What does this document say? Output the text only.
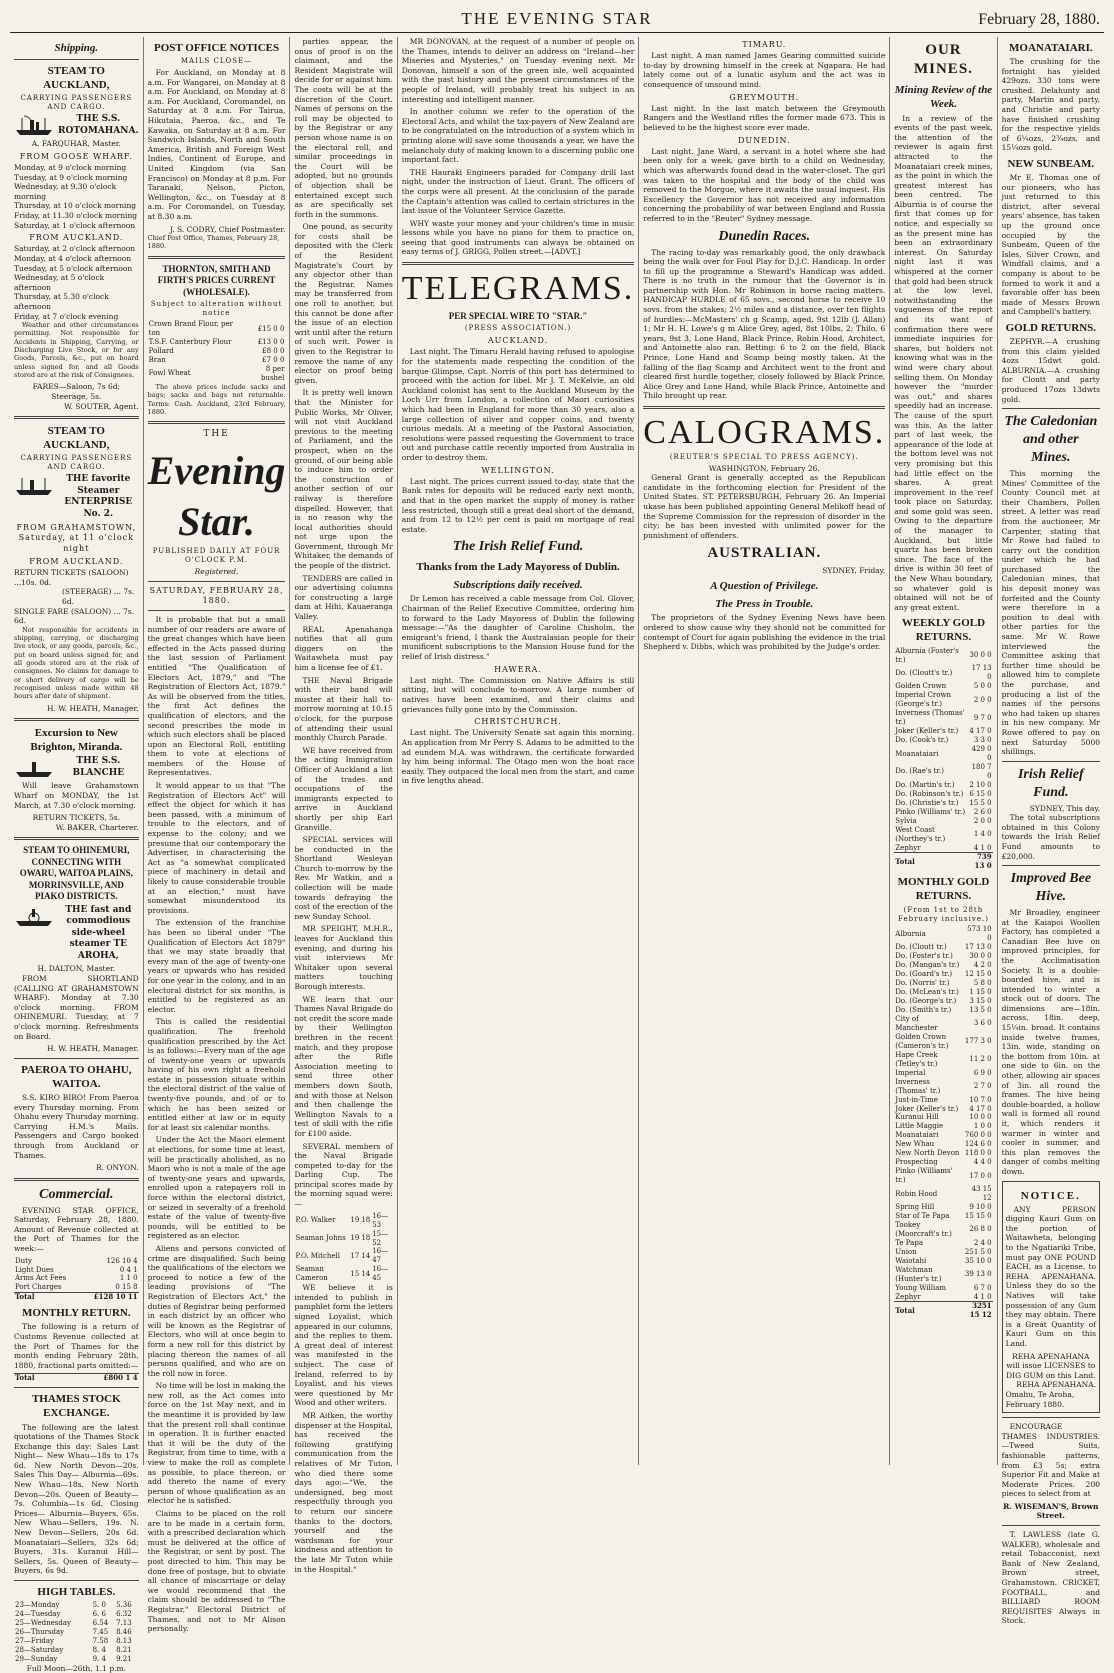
THE EVENING STAR	February 28, 1880.
Shipping.
STEAM TO AUCKLAND,
CARRYING PASSENGERS AND CARGO.
THE S.S. ROTOMAHANA.
A. FARQUHAR, Master.
FROM GOOSE WHARF.
Monday, at 9 o'clock morning
Tuesday, at 9 o'clock morning
Wednesday, at 9.30 o'clock morning
Thursday, at 10 o'clock morning
Friday, at 11.30 o'clock morning
Saturday, at 1 o'clock afternoon
FROM AUCKLAND.
Saturday, at 2 o'clock afternoon
Monday, at 4 o'clock afternoon
Tuesday, at 5 o'clock afternoon
Wednesday, at 5 o'clock afternoon
Thursday, at 5.30 o'clock afternoon
Friday, at 7 o'clock evening

Weather and other circumstances permitting. Not responsible for Accidents in Shipping, Carrying, or Discharging Live Stock, or for any Goods, Parcels, &c., put on board unless signed for, and all Goods stored are at the risk of Consignees.

FARES—Saloon, 7s 6d; Steerage, 5s.
W. SOUTER, Agent.
STEAM TO AUCKLAND,
CARRYING PASSENGERS AND CARGO.
THE favorite Steamer ENTERPRISE No. 2.
FROM GRAHAMSTOWN, Saturday, at 11 o'clock night
FROM AUCKLAND.
RETURN TICKETS (SALOON) ...10s. 0d.
(STEERAGE) ... 7s. 6d.
SINGLE FARE (SALOON) ... 7s. 6d.

Not responsible for accidents in shipping, carrying, or discharging live stock, or any goods, parcels, &c., put on board unless signed for, and all goods stored are at the risk of consignees. No claims for damage to or short delivery of cargo will be recognised unless made within 48 hours after date of shipment.

H. W. HEATH, Manager.
Excursion to New Brighton, Miranda.
THE S.S. BLANCHE

Will leave Grahamstown Wharf on MONDAY, the 1st March, at 7.30 o'clock morning.

RETURN TICKETS, 5s.
W. BAKER, Charterer.
STEAM TO OHINEMURI, CONNECTING WITH OWARU, WAITOA PLAINS, MORRINSVILLE, AND PIAKO DISTRICTS.
THE fast and commodious side-wheel steamer TE AROHA,
H. DALTON, Master.

FROM SHORTLAND (CALLING AT GRAHAMSTOWN WHARF). Monday at 7.30 o'clock morning. FROM OHINEMURI. Tuesday, at 7 o'clock morning. Refreshments on Board.

H. W. HEATH, Manager.
PAEROA TO OHAHU, WAITOA.

S.S. KIRO BIRO! From Paeroa every Thursday morning. From Ohahu every Thursday morning. Carrying H.M.'s Mails. Passengers and Cargo booked through from Auckland or Thames.

R. ONYON.
Commercial.

EVENING STAR OFFICE, Saturday, February 28, 1880. Amount of Revenue collected at the Port of Thames for the week:—

Duty	126 10 4
Light Dues	0 4 1
Arms Act Fees	1 1 0
Port Charges	0 15 8
Total	£128 10 11
MONTHLY RETURN.

The following is a return of Customs Revenue collected at the Port of Thames for the month ending February 28th, 1880, fractional parts omitted:—

Total	£800 1 4
THAMES STOCK EXCHANGE.

The following are the latest quotations of the Thames Stock Exchange this day: Sales Last Night— New Whau—18s to 17s 6d. New North Devon—20s. Sales This Day— Alburnia—69s. New Whau—18s. New North Devon—20s. Queen of Beauty—7s. Columbia—1s 6d. Closing Prices— Alburnia—Buyers, 65s. New Whau—Sellers, 19s. N. New Devon—Sellers, 20s 6d. Moanataiari—Sellers, 32s 6d; Buyers, 31s. Kuranui Hill—Sellers, 5s. Queen of Beauty—Buyers, 6s 9d.

HIGH TABLES.
23—Monday	5. 0	5.36
24—Tuesday	6. 6	6.32
25—Wednesday	6.54	7.13
26—Thursday	7.45	8.46
27—Friday	7.58	8.13
28—Saturday	8. 4	8.21
29—Sunday	9. 4	9.21
Full Moon—26th, 1.1 p.m.
POST OFFICE NOTICES
MAILS CLOSE—

For Auckland, on Monday at 8 a.m. For Wangarei, on Monday at 8 a.m. For Auckland, on Monday at 8 a.m. For Auckland, Coromandel, on Saturday at 8 a.m. For Tairua, Hikutaia, Paeroa, &c., and Te Kawaka, on Saturday at 8 a.m. For Sandwich Islands, North and South America, British and Foreign West Indies, Continent of Europe, and United Kingdom (via San Francisco) on Monday at 8 p.m. For Taranaki, Nelson, Picton, Wellington, &c., on Tuesday at 8 a.m. For Coromandel, on Tuesday, at 8.30 a.m.

J. S. CODRY, Chief Postmaster.
Chief Post Office, Thames, February 28, 1880.
THORNTON, SMITH AND FIRTH'S PRICES CURRENT (WHOLESALE).
Subject to alteration without notice
Crown Brand Flour, per ton	£15 0 0
T.S.F. Canterbury Flour	£13 0 0
Pollard	£8 0 0
Bran	£7 0 0
Fowl Wheat	8 per bushel

The above prices include sacks and bags; sacks and bags not returnable. Terms: Cash. Auckland, 23rd February, 1880.

THE
Evening Star.
PUBLISHED DAILY AT FOUR O'CLOCK P.M.
Registered.
SATURDAY, FEBRUARY 28, 1880.

It is probable that but a small number of our readers are aware of the great changes which have been effected in the Acts passed during the last session of Parliament entitled "The Qualification of Electors Act, 1879," and "The Registration of Electors Act, 1879." As will be observed from the titles, the first Act defines the qualification of electors, and the second prescribes the mode in which such electors shall be placed upon an Electoral Roll, entitling them to vote at elections of members of the House of Representatives.

It would appear to us that "The Registration of Electors Act" will effect the object for which it has been passed, with a minimum of trouble to the electors, and of expense to the colony; and we presume that our contemporary the Advertiser, in characterising the Act as "a somewhat complicated piece of machinery in detail and likely to cause considerable trouble at an election," must have somewhat misunderstood its provisions.

The extension of the franchise has been so liberal under "The Qualification of Electors Act 1879" that we may state broadly that every man of the age of twenty-one years or upwards who has resided for one year in the colony, and in an electoral district for six months, is entitled to be registered as an elector.

This is called the residential qualification. The freehold qualification prescribed by the Act is as follows:—Every man of the age of twenty-one years or upwards having of his own right a freehold estate in possession situate within the electoral district of the value of twenty-five pounds, and of or to which he has been seized or entitled either at law or in equity for at least six calendar months.

Under the Act the Maori element at elections, for some time at least, will be practically abolished, as no Maori who is not a male of the age of twenty-one years and upwards, enrolled upon a ratepayers roll in force within the electoral district, or seized in severalty of a freehold estate of the value of twenty-five pounds, will be entitled to be registered as an elector.

Aliens and persons convicted of crime are disqualified. Such being the qualifications of the electors we proceed to notice a few of the leading provisions of "The Registration of Electors Act," the duties of Registrar being performed in each district by an officer who will be known as the Registrar of Electors, who will at once begin to form a new roll for this district by placing thereon the names of all persons qualified, and who are on the roll now in force.

No time will be lost in making the new roll, as the Act comes into force on the 1st May next, and in the meantime it is provided by law that the present roll shall continue in operation. It is further enacted that it will be the duty of the Registrar, from time to time, with a view to make the roll as complete as possible, to place thereon, or add thereto the name of every person of whose qualification as an elector he is satisfied.

Claims to be placed on the roll are to be made in a certain form, with a prescribed declaration which must be delivered at the office of the Registrar, or sent by post. The post directed to him. This may be done free of postage, but to obviate all chance of miscarriage or delay we would recommend that the claim should be addressed to "The Registrar," Electoral District of Thames, and not to Mr Alison personally.

parties appear, the onus of proof is on the claimant, and the Resident Magistrate will decide for or against him. The costs will be at the discretion of the Court. Names of persons on the roll may be objected to by the Registrar or any person whose name is on the electoral roll, and similar proceedings in the Court will be adopted, but no grounds of objection shall be entertained except such as are specifically set forth in the summons.

One pound, as security for costs shall be deposited with the Clerk of the Resident Magistrate's Court by any objector other than the Registrar. Names may be transferred from one roll to another, but this cannot be done after the issue of an election writ until after the return of such writ. Power is given to the Registrar to remove the name of any elector on proof being given.

It is pretty well known that the Minister for Public Works, Mr Oliver, will not visit Auckland previous to the meeting of Parliament, and the prospect, when on the ground, of our being able to induce him to order the construction of another section of our railway is therefore dispelled. However, that is no reason why the local authorities should not urge upon the Government, through Mr Whitaker, the demands of the people of the district.

TENDERS are called in our advertising columns for constructing a large dam at Hihi, Kauaeranga Valley.

REAL Apenahanga notifies that all gum diggers on the Waitawheta must pay him a license fee of £1.

THE Naval Brigade with their band will muster at their hall to-morrow morning at 10.15 o'clock, for the purpose of attending their usual monthly Church Parade.

WE have received from the acting Immigration Officer of Auckland a list of the trades and occupations of the immigrants expected to arrive in Auckland shortly per ship Earl Granville.

SPECIAL services will be conducted in the Shortland Wesleyan Church to-morrow by the Rev. Mr Watkin, and a collection will be made towards defraying the cost of the erection of the new Sunday School.

MR SPEIGHT, M.H.R., leaves for Auckland this evening, and during his visit interviews Mr Whitaker upon several matters touching Borough interests.

WE learn that our Thames Naval Brigade do not credit the score made by their Wellington brethren in the recent match, and they propose after the Rifle Association meeting to send three other members down South, and with those at Nelson and then challenge the Wellington Navals to a test of skill with the rifle for £100 aside.

SEVERAL members of the Naval Brigade competed to-day for the Darling Cup. The principal scores made by the morning squad were:—

P.O. Walker	19	18	16—53
Seaman Johns	19	18	15—52
P.O. Mitchell	17	14	16—47
Seaman Cameron	15	14	16—45

WE believe it is intended to publish in pamphlet form the letters signed Loyalist, which appeared in our columns, and the replies to them. A great deal of interest was manifested in the subject. The case of Ireland, referred to by Loyalist, and his views were questioned by Mr Wood and other writers.

MR Aitken, the worthy dispenser at the Hospital, has received the following gratifying communication from the relatives of Mr Tuton, who died there some days ago:—"We, the undersigned, beg most respectfully through you to return our sincere thanks to the doctors, yourself and the wardsman for your kindness and attention to the late Mr Tuton while in the Hospital."

MR DONOVAN, at the request of a number of people on the Thames, intends to deliver an address on "Ireland—her Miseries and Mysteries," on Tuesday evening next. Mr Donovan, himself a son of the green isle, well acquainted with the past history and the present circumstances of the people of Ireland, will probably treat his subject in an interesting and intelligent manner.

In another column we refer to the operation of the Electoral Acts, and whilst the tax-payers of New Zealand are to be congratulated on the introduction of a system which in printing alone will save some thousands a year, we have the melancholy duty of making known to a discerning public one important fact.

THE Hauraki Engineers paraded for Company drill last night, under the instruction of Lieut. Grant. The officers of the corps were all present. At the conclusion of the parade the Captain's attention was called to certain strictures in the last issue of the Volunteer Service Gazette.

WHY waste your money and your children's time in music lessons while you have no piano for them to practice on, seeing that good instruments can always be obtained on easy terms of J. GRIGG, Pollen street.—[ADVT.]

TELEGRAMS.
PER SPECIAL WIRE TO "STAR."
(PRESS ASSOCIATION.)
AUCKLAND.

Last night. The Timaru Herald having refused to apologise for the statements made respecting the condition of the barque Glimpse, Capt. Norris of this port has determined to proceed with the action for libel. Mr J. T. McKelvie, an old Auckland colonist has sent to the Auckland Museum by the Loch Urr from London, a collection of Maori curiosities which had been in England for more than 30 years, also a large collection of silver and copper coins, and twenty curious medals. At a meeting of the Pastoral Association, resolutions were passed requesting the Government to trace out and purchase cattle recently imported from Australia in order to destroy them.

WELLINGTON.

Last night. The prices current issued to-day, state that the Bank rates for deposits will be reduced early next month, and that in the open market the supply of money is rather less restricted, though still a great deal short of the demand, and from 12 to 12½ per cent is paid on mortgage of real estate.

The Irish Relief Fund.
Thanks from the Lady Mayoress of Dublin.
Subscriptions daily received.

Dr Lemon has received a cable message from Col. Glover, Chairman of the Relief Executive Committee, ordering him to forward to the Lady Mayoress of Dublin the following message:—"As the daughter of Caroline Chisholm, the emigrant's friend, I thank the Australasian people for their munificent subscriptions to the Mansion House fund for the relief of Irish distress."

HAWERA.

Last night. The Commission on Native Affairs is still sitting, but will conclude to-morrow. A large number of natives have been examined, and their claims and grievances fully gone into by the Commission.

CHRISTCHURCH.

Last night. The University Senate sat again this morning. An application from Mr Perry S. Adams to be admitted to the ad eundem M.A. was withdrawn, the certificate forwarded by him being informal. The Otago men won the boat race easily. They outpaced the local men from the start, and came in five lengths ahead.

TIMARU.

Last night. A man named James Gearing committed suicide to-day by drowning himself in the creek at Ngapara. He had lately come out of a lunatic asylum and the act was in consequence of unsound mind.

GREYMOUTH.

Last night. In the last match between the Greymouth Rangers and the Westland rifles the former made 673. This is believed to be the highest score ever made.

DUNEDIN.

Last night. Jane Ward, a servant in a hotel where she had been only for a week, gave birth to a child on Wednesday, which was afterwards found dead in the water-closet. The girl was taken to the hospital and the body of the child was removed to the Morgue, where it awaits the usual inquest. His Excellency the Governor has not received any information concerning the probability of war between England and Russia referred to in the "Reuter" Sydney message.

Dunedin Races.

The racing to-day was remarkably good, the only drawback being the walk over for Foul Play for D.J.C. Handicap. In order to fill up the programme a Steward's Handicap was added. There is no truth in the rumour that the Governor is in partnership with Hon. Mr Robinson in horse racing matters. HANDICAP HURDLE of 65 sovs., second horse to receive 10 sovs. from the stakes; 2½ miles and a distance, over ten flights of hurdles:—McMasters' ch g Scamp, aged, 9st 12lb (J. Allan) 1; Mr H. H. Lowe's g m Alice Grey, aged, 8st 10lbs, 2; Thilo, 6 years, 9st 3, Lone Hand, Black Prince, Robin Hood, Architect, and Antoinette also ran. Betting: 6 to 2 on the field, Black Prince, Lone Hand and Scamp being mostly taken. At the falling of the flag Scamp and Architect went to the front and cleared first hurdle together, closely followed by Black Prince, Alice Grey and Lone Hand, while Black Prince, Antoinette and Thilo brought up rear.

CALOGRAMS.
(REUTER'S SPECIAL TO PRESS AGENCY).
WASHINGTON, February 26.

General Grant is generally accepted as the Republican candidate in the forthcoming election for President of the United States. ST. PETERSBURGH, February 26. An Imperial ukase has been published appointing General Melikoff head of the Supreme Commission for the repression of disorder in the city; he has been invested with unlimited power for the punishment of offenders.

AUSTRALIAN.
SYDNEY, Friday.
A Question of Privilege.
The Press in Trouble.

The proprietors of the Sydney Evening News have been ordered to show cause why they should not be committed for contempt of Court for again publishing the evidence in the trial Shepherd v. Dibbs, which was prohibited by the Judge's order.

OUR MINES.
Mining Review of the Week.

In a review of the events of the past week, the attention of the reviewer is again first attracted to the Moanataiari creek mines, as the point in which the greatest interest has been centred. The Alburnia is of course the first that comes up for notice, and especially so as the present mine has been an extraordinary interest. On Saturday night last it was whispered at the corner that gold had been struck at the low level, notwithstanding the vagueness of the report and its want of confirmation there were immediate inquiries for shares, but holders not knowing what was in the wind were chary about selling them. On Monday however the "murder was out," and shares speedily had an increase. The cause of the spurt was this. As the latter part of last week, the appearance of the lode at the bottom level was not very promising but this had little effect on the shares. A great improvement in the reef took place on Saturday, and some gold was seen. Owing to the departure of the manager to Auckland, but little quartz has been broken since. The face of the drive is within 30 feet of the New Whau boundary, so whatever gold is obtained will not be of any great extent.

WEEKLY GOLD RETURNS.
Alburnia (Foster's tr.)	30 0 0
Do. (Cloutt's tr.)	17 13 0
Golden Crown	5 0 0
Imperial Crown (George's tr.)	2 0 0
Inverness (Thomas' tr.)	9 7 0
Joker (Keller's tr.)	4 17 0
Do. (Cook's tr.)	3 3 0
Moanataiari	429 0 0
Do. (Rae's tr.)	180 7 0
Do. (Martin's tr.)	2 10 0
Do. (Robinson's tr.)	6 15 0
Do. (Christie's tr.)	15 5 0
Pinko (Williams' tr.)	2 6 0
Sylvia	2 0 0
West Coast (Northey's tr.)	1 4 0
Zephyr	4 1 0
Total	739 13 0
MONTHLY GOLD RETURNS.
(From 1st to 28th February inclusive.)
Alburnia	573 10 0
Do. (Cloutt tr.)	17 13 0
Do. (Foster's tr.)	30 0 0
Do. (Mangan's tr.)	4 2 0
Do. (Goard's tr.)	12 15 0
Do. (Norris' tr.)	5 8 0
Do. (McLean's tr.)	1 15 0
Do. (George's tr.)	3 15 0
Do. (Smith's tr.)	13 5 0
City of Manchester	3 6 0
Golden Crown (Cameron's tr.)	177 3 0
Hape Creek (Tetley's tr.)	11 2 0
Imperial	6 9 0
Inverness (Thomas' tr.)	2 7 0
Just-in-Time	10 7 0
Joker (Keller's tr.)	4 17 0
Kuranui Hill	10 0 0
Little Maggie	1 0 0
Moanataiari	760 0 0
New Whau	124 6 0
New North Devon	118 0 0
Prospecting	4 4 0
Pinko (Williams' tr.)	17 0 0
Robin Hood	43 15 12
Spring Hill	9 10 0
Star of Te Papa	15 15 0
Tookey (Moorcraft's tr.)	26 8 0
Te Papa	2 4 0
Union	251 5 0
Waiotahi	35 10 0
Watchman (Hunter's tr.)	39 13 0
Young William	6 7 0
Zephyr	4 1 0
Total	3251 15 12
MOANATAIARI.

The crushing for the fortnight has yielded 429ozs. 330 tons were crushed. Delahunty and party, Martin and party, and Christie and party have finished crushing for the respective yields of 6¼ozs, 2¾ozs, and 15¼ozs gold.

NEW SUNBEAM.

Mr E. Thomas one of our pioneers, who has just returned to this district, after several years' absence, has taken up the ground once occupied by the Sunbeam, Queen of the Isles, Silver Crown, and Windfall claims, and a company is about to be formed to work it and a favorable offer has been made of Messrs Brown and Campbell's battery.

GOLD RETURNS.

ZEPHYR.—A crushing from this claim yielded 4ozs 15dwt gold. ALBURNIA.—A crushing for Cloutt and party produced 17ozs 13dwts gold.

The Caledonian and other Mines.

This morning the Mines' Committee of the County Council met at their Chambers, Pollen street. A letter was read from the auctioneer, Mr Carpenter, stating that Mr Rowe had failed to carry out the condition under which he had purchased the Caledonian mines, that his deposit money was forfeited and the County were therefore in a position to deal with other parties for the same. Mr W. Rowe interviewed the Committee asking that further time should be allowed him to complete the purchase, and producing a list of the names of the persons who had taken up shares in his new company. Mr Rowe offered to pay on next Saturday 5000 shillings.

Irish Relief Fund.
SYDNEY, This day.

The total subscriptions obtained in this Colony towards the Irish Relief Fund amounts to £20,000.

Improved Bee Hive.

Mr Broadley, engineer at the Kaiapoi Woollen Factory, has completed a Canadian Bee hive on improved principles, for the Acclimatisation Society. It is a double-boarded hive, and is intended to winter a stock out of doors. The dimensions are—18in. across, 18in. deep, 15¼in. broad. It contains inside twelve frames, 13in. wide, standing on the bottom from 10in. at one side to 6in. on the other, allowing air spaces of 3in. all round the frames. The hive being double-boarded, a hollow wall is formed all round it, which renders it warmer in winter and cooler in summer, and this plan removes the danger of combs melting down.

NOTICE.

ANY PERSON digging Kauri Gum on the portion of Waitawheta, belonging to the Ngatiariki Tribe, must pay ONE POUND EACH, as a License, to REHA APENAHANA. Unless they do so the Natives will take possession of any Gum they may obtain. There is a Great Quantity of Kauri Gum on this Land.

REHA APENAHANA will issue LICENSES to DIG GUM on this Land.
REHA APENAHANA.
Omahu, Te Aroha, February 1880.

ENCOURAGE THAMES INDUSTRIES.—Tweed Suits, fashionable patterns, from £3 5s; extra Superior Fit and Make at Moderate Prices. 200 pieces to select from at

R. WISEMAN'S, Brown Street.

T. LAWLESS (late G. WALKER), wholesale and retail Tobacconist, next Bank of New Zealand, Brown street, Grahamstown. CRICKET, FOOTBALL, and BILLIARD ROOM REQUISITES Always in Stock.
